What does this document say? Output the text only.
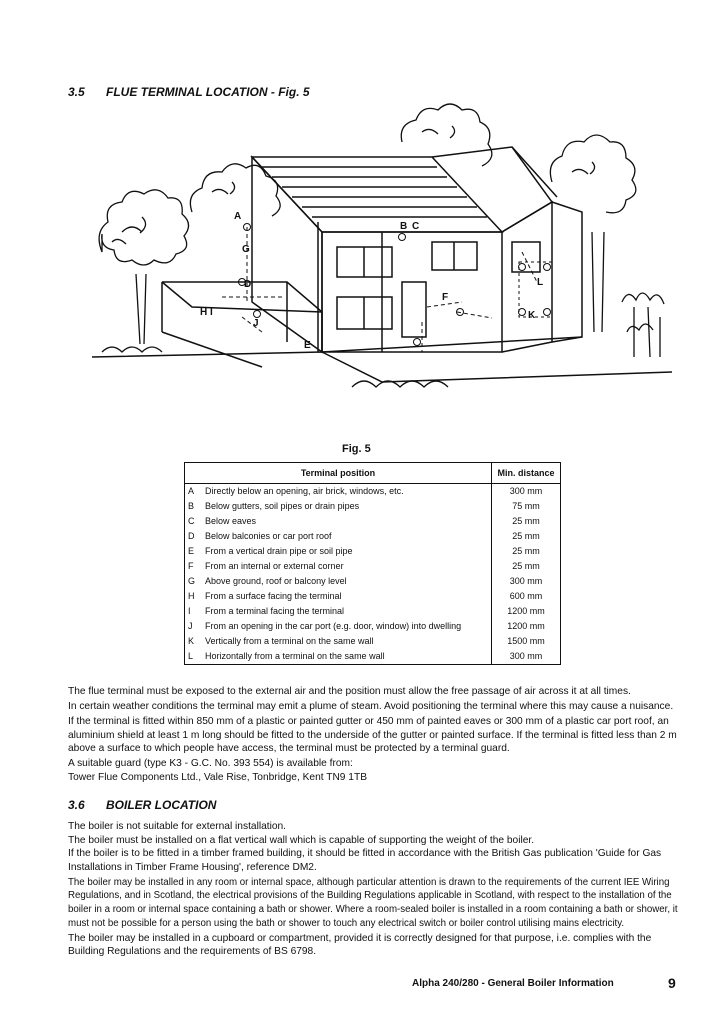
3.5 FLUE TERMINAL LOCATION - Fig. 5
A
B C
D
E
F
G
H I
J
K
L
Fig. 5
Terminal position		Min. distance
A	Directly below an opening, air brick, windows, etc.	300 mm
B	Below gutters, soil pipes or drain pipes	75 mm
C	Below eaves	25 mm
D	Below balconies or car port roof	25 mm
E	From a vertical drain pipe or soil pipe	25 mm
F	From an internal or external corner	25 mm
G	Above ground, roof or balcony level	300 mm
H	From a surface facing the terminal	600 mm
I	From a terminal facing the terminal	1200 mm
J	From an opening in the car port (e.g. door, window) into dwelling	1200 mm
K	Vertically from a terminal on the same wall	1500 mm
L	Horizontally from a terminal on the same wall	300 mm

The flue terminal must be exposed to the external air and the position must allow the free passage of air across it at all times.

In certain weather conditions the terminal may emit a plume of steam. Avoid positioning the terminal where this may cause a nuisance.

If the terminal is fitted within 850 mm of a plastic or painted gutter or 450 mm of painted eaves or 300 mm of a plastic car port roof, an aluminium shield at least 1 m long should be fitted to the underside of the gutter or painted surface. If the terminal is fitted less than 2 m above a surface to which people have access, the terminal must be protected by a terminal guard.

A suitable guard (type K3 - G.C. No. 393 554) is available from:

Tower Flue Components Ltd., Vale Rise, Tonbridge, Kent TN9 1TB

3.6 BOILER LOCATION

The boiler is not suitable for external installation.

The boiler must be installed on a flat vertical wall which is capable of supporting the weight of the boiler.

If the boiler is to be fitted in a timber framed building, it should be fitted in accordance with the British Gas publication 'Guide for Gas Installations in Timber Frame Housing', reference DM2.

The boiler may be installed in any room or internal space, although particular attention is drawn to the requirements of the current IEE Wiring Regulations, and in Scotland, the electrical provisions of the Building Regulations applicable in Scotland, with respect to the installation of the boiler in a room or internal space containing a bath or shower. Where a room-sealed boiler is installed in a room containing a bath or shower, it must not be possible for a person using the bath or shower to touch any electrical switch or boiler control utilising mains electricity.

The boiler may be installed in a cupboard or compartment, provided it is correctly designed for that purpose, i.e. complies with the Building Regulations and the requirements of BS 6798.

Alpha 240/280 - General Boiler Information	9
